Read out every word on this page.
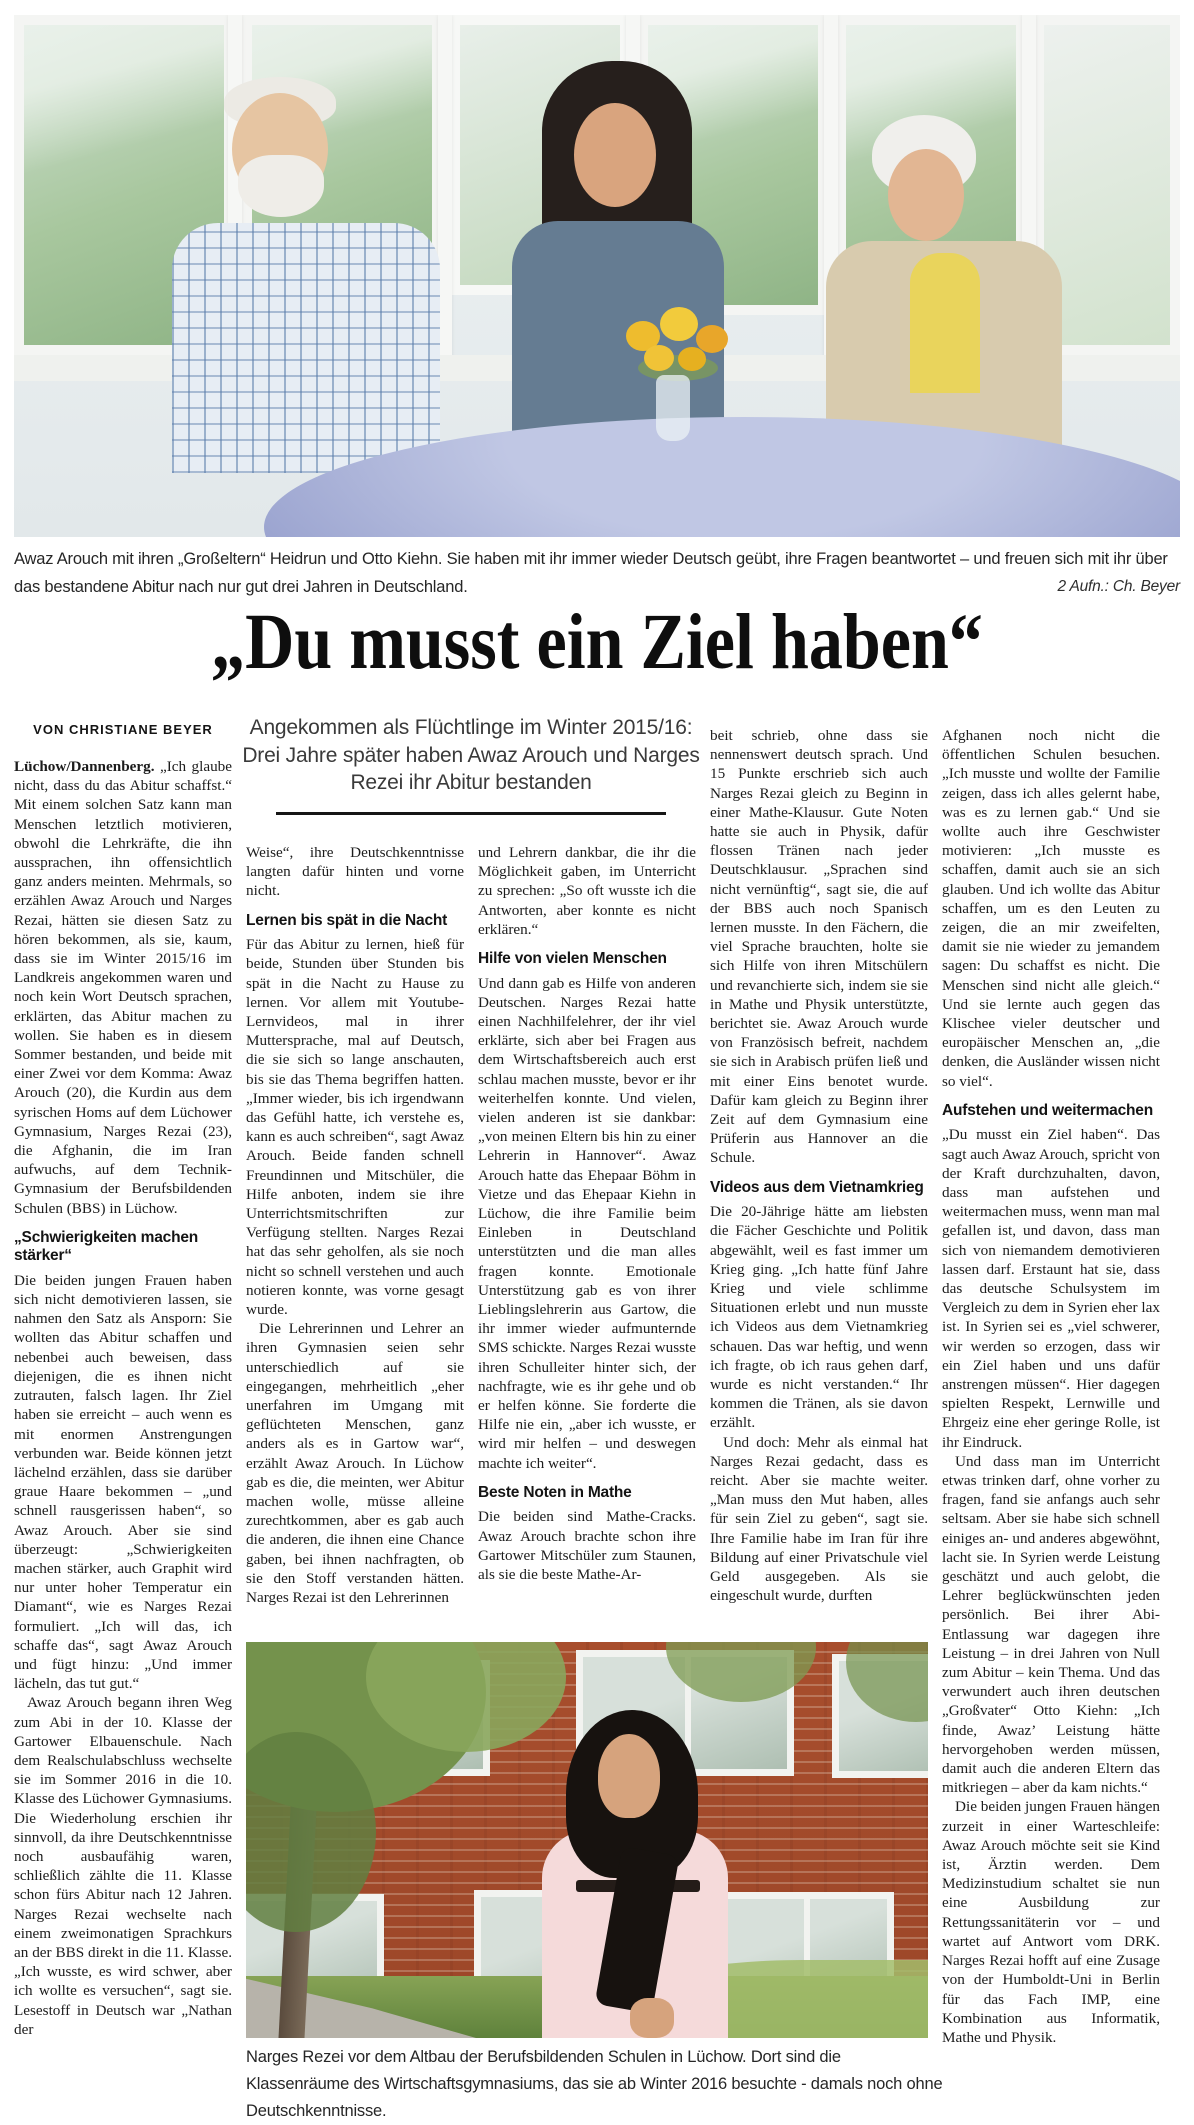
Awaz Arouch mit ihren „Großeltern“ Heidrun und Otto Kiehn. Sie haben mit ihr immer wieder Deutsch geübt, ihre Fragen beantwortet – und freuen sich mit ihr über das bestandene Abitur nach nur gut drei Jahren in Deutschland.	2 Aufn.: Ch. Beyer
„Du musst ein Ziel haben“
VON CHRISTIANE BEYER	Angekommen als Flüchtlinge im Winter 2015/16: Drei Jahre später haben Awaz Arouch und Narges Rezei ihr Abitur bestanden

Lüchow/Dannenberg. „Ich glaube nicht, dass du das Abitur schaffst.“ Mit einem solchen Satz kann man Menschen letztlich motivieren, obwohl die Lehrkräfte, die ihn aussprachen, ihn offensichtlich ganz anders meinten. Mehrmals, so erzählen Awaz Arouch und Narges Rezai, hätten sie diesen Satz zu hören bekommen, als sie, kaum, dass sie im Winter 2015/16 im Landkreis angekommen waren und noch kein Wort Deutsch sprachen, erklärten, das Abitur machen zu wollen. Sie haben es in diesem Sommer bestanden, und beide mit einer Zwei vor dem Komma: Awaz Arouch (20), die Kurdin aus dem syrischen Homs auf dem Lüchower Gymnasium, Narges Rezai (23), die Afghanin, die im Iran aufwuchs, auf dem Technik-Gymnasium der Berufsbildenden Schulen (BBS) in Lüchow.

„Schwierigkeiten machen stärker“

Die beiden jungen Frauen haben sich nicht demotivieren lassen, sie nahmen den Satz als Ansporn: Sie wollten das Abitur schaffen und nebenbei auch beweisen, dass diejenigen, die es ihnen nicht zutrauten, falsch lagen. Ihr Ziel haben sie erreicht – auch wenn es mit enormen Anstrengungen verbunden war. Beide können jetzt lächelnd erzählen, dass sie darüber graue Haare bekommen – „und schnell rausgerissen haben“, so Awaz Arouch. Aber sie sind überzeugt: „Schwierigkeiten machen stärker, auch Graphit wird nur unter hoher Temperatur ein Diamant“, wie es Narges Rezai formuliert. „Ich will das, ich schaffe das“, sagt Awaz Arouch und fügt hinzu: „Und immer lächeln, das tut gut.“

Awaz Arouch begann ihren Weg zum Abi in der 10. Klasse der Gartower Elbauenschule. Nach dem Realschulabschluss wechselte sie im Sommer 2016 in die 10. Klasse des Lüchower Gymnasiums. Die Wiederholung erschien ihr sinnvoll, da ihre Deutschkenntnisse noch ausbaufähig waren, schließlich zählte die 11. Klasse schon fürs Abitur nach 12 Jahren. Narges Rezai wechselte nach einem zweimonatigen Sprachkurs an der BBS direkt in die 11. Klasse. „Ich wusste, es wird schwer, aber ich wollte es versuchen“, sagt sie. Lesestoff in Deutsch war „Nathan der

Weise“, ihre Deutschkenntnisse langten dafür hinten und vorne nicht.

Lernen bis spät in die Nacht

Für das Abitur zu lernen, hieß für beide, Stunden über Stunden bis spät in die Nacht zu Hause zu lernen. Vor allem mit Youtube-Lernvideos, mal in ihrer Muttersprache, mal auf Deutsch, die sie sich so lange anschauten, bis sie das Thema begriffen hatten. „Immer wieder, bis ich irgendwann das Gefühl hatte, ich verstehe es, kann es auch schreiben“, sagt Awaz Arouch. Beide fanden schnell Freundinnen und Mitschüler, die Hilfe anboten, indem sie ihre Unterrichtsmitschriften zur Verfügung stellten. Narges Rezai hat das sehr geholfen, als sie noch nicht so schnell verstehen und auch notieren konnte, was vorne gesagt wurde.

Die Lehrerinnen und Lehrer an ihren Gymnasien seien sehr unterschiedlich auf sie eingegangen, mehrheitlich „eher unerfahren im Umgang mit geflüchteten Menschen, ganz anders als es in Gartow war“, erzählt Awaz Arouch. In Lüchow gab es die, die meinten, wer Abitur machen wolle, müsse alleine zurechtkommen, aber es gab auch die anderen, die ihnen eine Chance gaben, bei ihnen nachfragten, ob sie den Stoff verstanden hätten. Narges Rezai ist den Lehrerinnen

und Lehrern dankbar, die ihr die Möglichkeit gaben, im Unterricht zu sprechen: „So oft wusste ich die Antworten, aber konnte es nicht erklären.“

Hilfe von vielen Menschen

Und dann gab es Hilfe von anderen Deutschen. Narges Rezai hatte einen Nachhilfelehrer, der ihr viel erklärte, sich aber bei Fragen aus dem Wirtschaftsbereich auch erst schlau machen musste, bevor er ihr weiterhelfen konnte. Und vielen, vielen anderen ist sie dankbar: „von meinen Eltern bis hin zu einer Lehrerin in Hannover“. Awaz Arouch hatte das Ehepaar Böhm in Vietze und das Ehepaar Kiehn in Lüchow, die ihre Familie beim Einleben in Deutschland unterstützten und die man alles fragen konnte. Emotionale Unterstützung gab es von ihrer Lieblingslehrerin aus Gartow, die ihr immer wieder aufmunternde SMS schickte. Narges Rezai wusste ihren Schulleiter hinter sich, der nachfragte, wie es ihr gehe und ob er helfen könne. Sie forderte die Hilfe nie ein, „aber ich wusste, er wird mir helfen – und deswegen machte ich weiter“.

Beste Noten in Mathe

Die beiden sind Mathe-Cracks. Awaz Arouch brachte schon ihre Gartower Mitschüler zum Staunen, als sie die beste Mathe-Ar-

beit schrieb, ohne dass sie nennenswert deutsch sprach. Und 15 Punkte erschrieb sich auch Narges Rezai gleich zu Beginn in einer Mathe-Klausur. Gute Noten hatte sie auch in Physik, dafür flossen Tränen nach jeder Deutschklausur. „Sprachen sind nicht vernünftig“, sagt sie, die auf der BBS auch noch Spanisch lernen musste. In den Fächern, die viel Sprache brauchten, holte sie sich Hilfe von ihren Mitschülern und revanchierte sich, indem sie sie in Mathe und Physik unterstützte, berichtet sie. Awaz Arouch wurde von Französisch befreit, nachdem sie sich in Arabisch prüfen ließ und mit einer Eins benotet wurde. Dafür kam gleich zu Beginn ihrer Zeit auf dem Gymnasium eine Prüferin aus Hannover an die Schule.

Videos aus dem Vietnamkrieg

Die 20-Jährige hätte am liebsten die Fächer Geschichte und Politik abgewählt, weil es fast immer um Krieg ging. „Ich hatte fünf Jahre Krieg und viele schlimme Situationen erlebt und nun musste ich Videos aus dem Vietnamkrieg schauen. Das war heftig, und wenn ich fragte, ob ich raus gehen darf, wurde es nicht verstanden.“ Ihr kommen die Tränen, als sie davon erzählt.

Und doch: Mehr als einmal hat Narges Rezai gedacht, dass es reicht. Aber sie machte weiter. „Man muss den Mut haben, alles für sein Ziel zu geben“, sagt sie. Ihre Familie habe im Iran für ihre Bildung auf einer Privatschule viel Geld ausgegeben. Als sie eingeschult wurde, durften

Afghanen noch nicht die öffentlichen Schulen besuchen. „Ich musste und wollte der Familie zeigen, dass ich alles gelernt habe, was es zu lernen gab.“ Und sie wollte auch ihre Geschwister motivieren: „Ich musste es schaffen, damit auch sie an sich glauben. Und ich wollte das Abitur schaffen, um es den Leuten zu zeigen, die an mir zweifelten, damit sie nie wieder zu jemandem sagen: Du schaffst es nicht. Die Menschen sind nicht alle gleich.“ Und sie lernte auch gegen das Klischee vieler deutscher und europäischer Menschen an, „die denken, die Ausländer wissen nicht so viel“.

Aufstehen und weitermachen

„Du musst ein Ziel haben“. Das sagt auch Awaz Arouch, spricht von der Kraft durchzuhalten, davon, dass man aufstehen und weitermachen muss, wenn man mal gefallen ist, und davon, dass man sich von niemandem demotivieren lassen darf. Erstaunt hat sie, dass das deutsche Schulsystem im Vergleich zu dem in Syrien eher lax ist. In Syrien sei es „viel schwerer, wir werden so erzogen, dass wir ein Ziel haben und uns dafür anstrengen müssen“. Hier dagegen spielten Respekt, Lernwille und Ehrgeiz eine eher geringe Rolle, ist ihr Eindruck.

Und dass man im Unterricht etwas trinken darf, ohne vorher zu fragen, fand sie anfangs auch sehr seltsam. Aber sie habe sich schnell einiges an- und anderes abgewöhnt, lacht sie. In Syrien werde Leistung geschätzt und auch gelobt, die Lehrer beglückwünschten jeden persönlich. Bei ihrer Abi-Entlassung war dagegen ihre Leistung – in drei Jahren von Null zum Abitur – kein Thema. Und das verwundert auch ihren deutschen „Großvater“ Otto Kiehn: „Ich finde, Awaz’ Leistung hätte hervorgehoben werden müssen, damit auch die anderen Eltern das mitkriegen – aber da kam nichts.“

Die beiden jungen Frauen hängen zurzeit in einer Warteschleife: Awaz Arouch möchte seit sie Kind ist, Ärztin werden. Dem Medizinstudium schaltet sie nun eine Ausbildung zur Rettungssanitäterin vor – und wartet auf Antwort vom DRK. Narges Rezai hofft auf eine Zusage von der Humboldt-Uni in Berlin für das Fach IMP, eine Kombination aus Informatik, Mathe und Physik.

Narges Rezei vor dem Altbau der Berufsbildenden Schulen in Lüchow. Dort sind die Klassenräume des Wirtschaftsgymnasiums, das sie ab Winter 2016 besuchte - damals noch ohne Deutschkenntnisse.
